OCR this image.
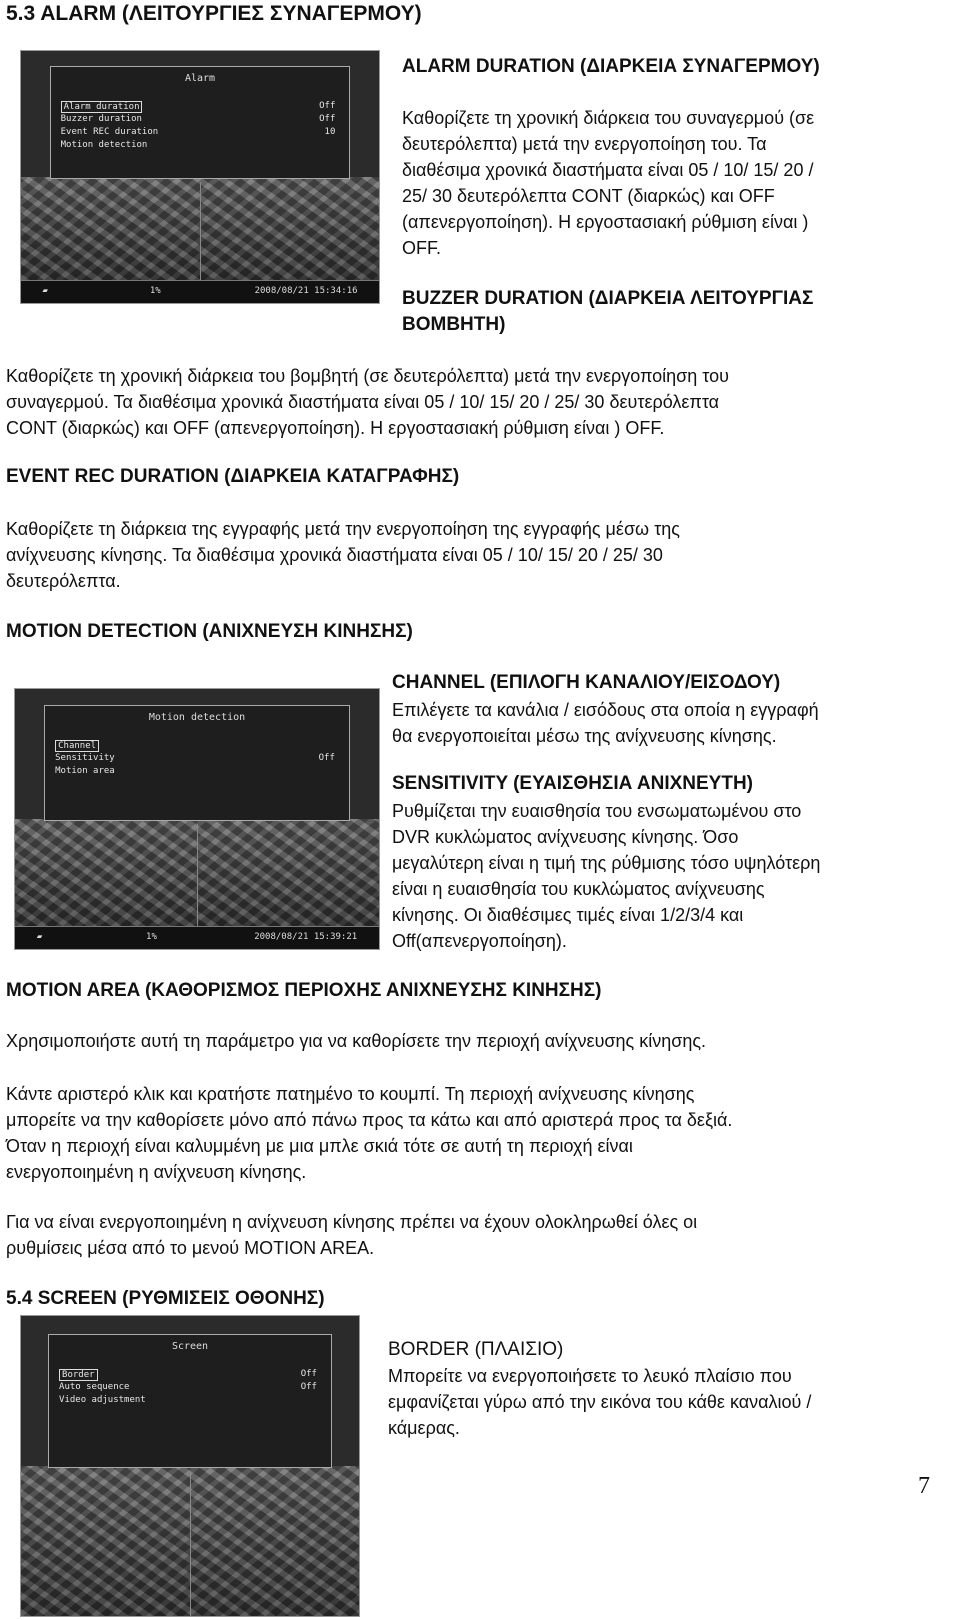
5.3 ALARM (ΛΕΙΤΟΥΡΓΙΕΣ ΣΥΝΑΓΕΡΜΟΥ)
Alarm
Alarm duration	Off
Buzzer duration	Off
Event REC duration	10
Motion detection
▰	1%	2008/08/21 15:34:16
ALARM DURATION (ΔΙΑΡΚΕΙΑ ΣΥΝΑΓΕΡΜΟΥ)
Καθορίζετε τη χρονική διάρκεια του συναγερμού (σε
δευτερόλεπτα) μετά την ενεργοποίηση του. Τα
διαθέσιμα χρονικά διαστήματα είναι 05 / 10/ 15/ 20 /
25/ 30 δευτερόλεπτα CONT (διαρκώς) και OFF
(απενεργοποίηση). Η εργοστασιακή ρύθμιση είναι )
OFF.
BUZZER DURATION (ΔΙΑΡΚΕΙΑ ΛΕΙΤΟΥΡΓΙΑΣ
ΒΟΜΒΗΤΗ)
Καθορίζετε τη χρονική διάρκεια του βομβητή (σε δευτερόλεπτα) μετά την ενεργοποίηση του
συναγερμού. Τα διαθέσιμα χρονικά διαστήματα είναι 05 / 10/ 15/ 20 / 25/ 30 δευτερόλεπτα
CONT (διαρκώς) και OFF (απενεργοποίηση). Η εργοστασιακή ρύθμιση είναι ) OFF.
EVENT REC DURATION (ΔΙΑΡΚΕΙΑ ΚΑΤΑΓΡΑΦΗΣ)
Καθορίζετε τη διάρκεια της εγγραφής μετά την ενεργοποίηση της εγγραφής μέσω της
ανίχνευσης κίνησης. Τα διαθέσιμα χρονικά διαστήματα είναι 05 / 10/ 15/ 20 / 25/ 30
δευτερόλεπτα.
MOTION DETECTION (ΑΝΙΧΝΕΥΣΗ ΚΙΝΗΣΗΣ)
Motion detection
Channel
Sensitivity	Off
Motion area
▰	1%	2008/08/21 15:39:21
CHANNEL (ΕΠΙΛΟΓΗ ΚΑΝΑΛΙΟΥ/ΕΙΣΟΔΟΥ)
Επιλέγετε τα κανάλια / εισόδους στα οποία η εγγραφή
θα ενεργοποιείται μέσω της ανίχνευσης κίνησης.
SENSITIVITY (ΕΥΑΙΣΘΗΣΙΑ ΑΝΙΧΝΕΥΤΗ)
Ρυθμίζεται την ευαισθησία του ενσωματωμένου στο
DVR κυκλώματος ανίχνευσης κίνησης. Όσο
μεγαλύτερη είναι η τιμή της ρύθμισης τόσο υψηλότερη
είναι η ευαισθησία του κυκλώματος ανίχνευσης
κίνησης. Οι διαθέσιμες τιμές είναι 1/2/3/4 και
Off(απενεργοποίηση).
MOTION AREA (ΚΑΘΟΡΙΣΜΟΣ ΠΕΡΙΟΧΗΣ ΑΝΙΧΝΕΥΣΗΣ ΚΙΝΗΣΗΣ)
Χρησιμοποιήστε αυτή τη παράμετρο για να καθορίσετε την περιοχή ανίχνευσης κίνησης.
Κάντε αριστερό κλικ και κρατήστε πατημένο το κουμπί. Τη περιοχή ανίχνευσης κίνησης
μπορείτε να την καθορίσετε μόνο από πάνω προς τα κάτω και από αριστερά προς τα δεξιά.
Όταν η περιοχή είναι καλυμμένη με μια μπλε σκιά τότε σε αυτή τη περιοχή είναι
ενεργοποιημένη η ανίχνευση κίνησης.
Για να είναι ενεργοποιημένη η ανίχνευση κίνησης πρέπει να έχουν ολοκληρωθεί όλες οι
ρυθμίσεις μέσα από το μενού MOTION AREA.
5.4 SCREEN (ΡΥΘΜΙΣΕΙΣ ΟΘΟΝΗΣ)
Screen
Border	Off
Auto sequence	Off
Video adjustment
BORDER (ΠΛΑΙΣΙΟ)
Μπορείτε να ενεργοποιήσετε το λευκό πλαίσιο που
εμφανίζεται γύρω από την εικόνα του κάθε καναλιού /
κάμερας.
7
